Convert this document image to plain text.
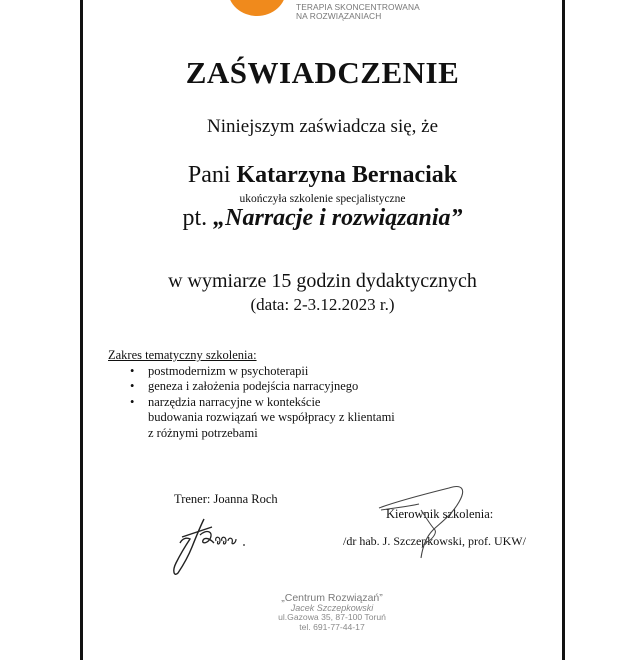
TERAPIA SKONCENTROWANA
NA ROZWIĄZANIACH
ZAŚWIADCZENIE
Niniejszym zaświadcza się, że
Pani Katarzyna Bernaciak
ukończyła szkolenie specjalistyczne
pt. „Narracje i rozwiązania”
w wymiarze 15 godzin dydaktycznych
(data: 2-3.12.2023 r.)
Zakres tematyczny szkolenia:
• postmodernizm w psychoterapii
• geneza i założenia podejścia narracyjnego
• narzędzia narracyjne w kontekście
budowania rozwiązań we współpracy z klientami
z różnymi potrzebami
Trener: Joanna Roch
Kierownik szkolenia:
/dr hab. J. Szczepkowski, prof. UKW/
„Centrum Rozwiązań”
Jacek Szczepkowski
ul.Gazowa 35, 87-100 Toruń
tel. 691-77-44-17
